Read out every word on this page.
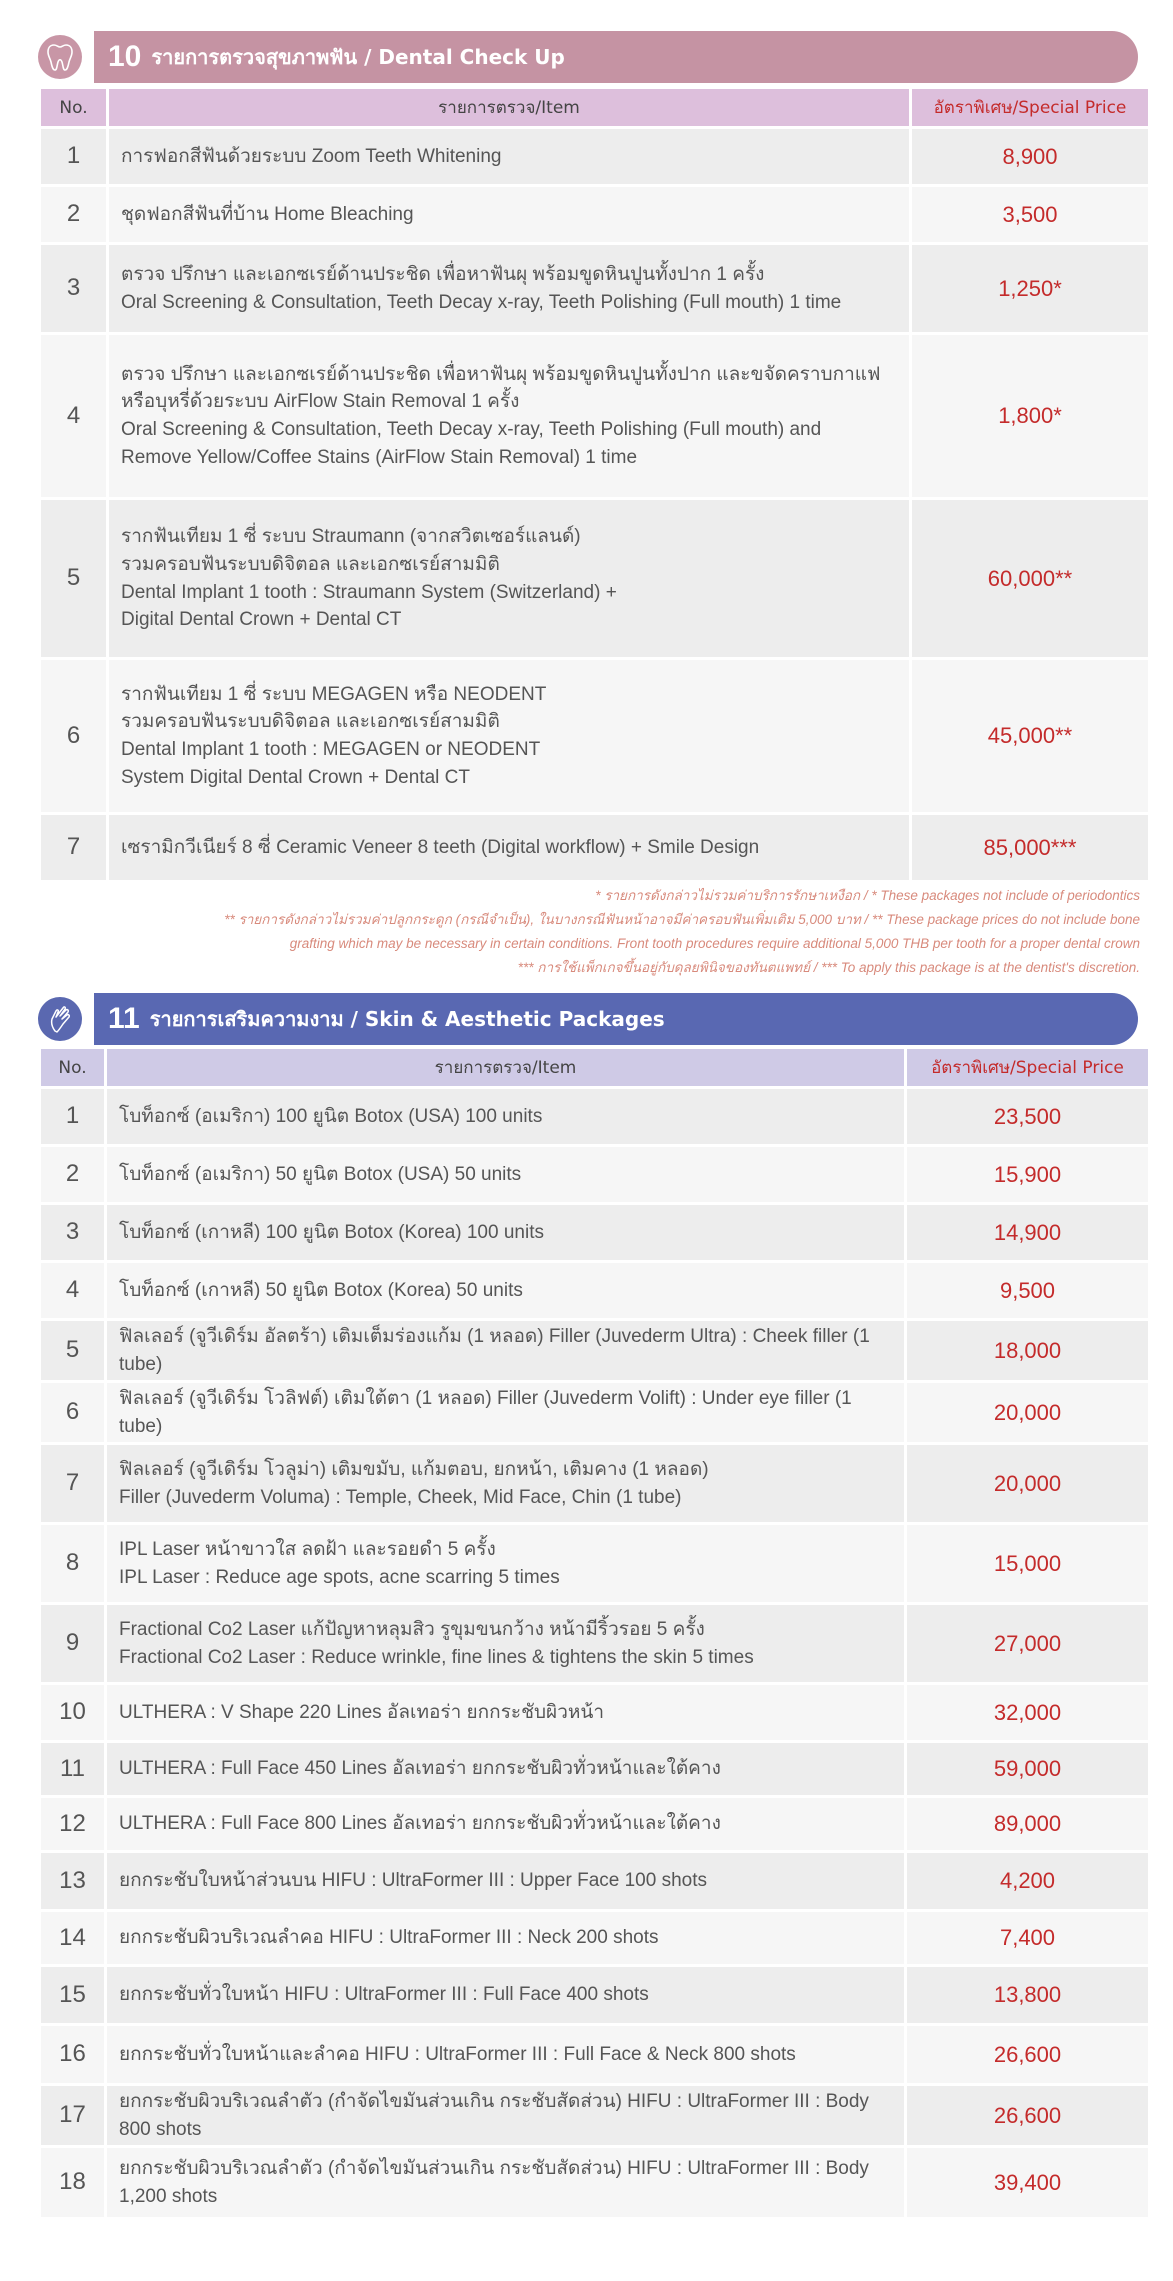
10 รายการตรวจสุขภาพฟัน / Dental Check Up
No.	รายการตรวจ/Item	อัตราพิเศษ/Special Price
1	การฟอกสีฟันด้วยระบบ Zoom Teeth Whitening	8,900
2	ชุดฟอกสีฟันที่บ้าน Home Bleaching	3,500
3	ตรวจ ปรึกษา และเอกซเรย์ด้านประชิด เพื่อหาฟันผุ พร้อมขูดหินปูนทั้งปาก 1 ครั้ง
Oral Screening & Consultation, Teeth Decay x-ray, Teeth Polishing (Full mouth) 1 time	1,250*
4	ตรวจ ปรึกษา และเอกซเรย์ด้านประชิด เพื่อหาฟันผุ พร้อมขูดหินปูนทั้งปาก และขจัดคราบกาแฟ
หรือบุหรี่ด้วยระบบ AirFlow Stain Removal 1 ครั้ง
Oral Screening & Consultation, Teeth Decay x-ray, Teeth Polishing (Full mouth) and
Remove Yellow/Coffee Stains (AirFlow Stain Removal) 1 time	1,800*
5	รากฟันเทียม 1 ซี่ ระบบ Straumann (จากสวิตเซอร์แลนด์)
รวมครอบฟันระบบดิจิตอล และเอกซเรย์สามมิติ
Dental Implant 1 tooth : Straumann System (Switzerland) +
Digital Dental Crown + Dental CT	60,000**
6	รากฟันเทียม 1 ซี่ ระบบ MEGAGEN หรือ NEODENT
รวมครอบฟันระบบดิจิตอล และเอกซเรย์สามมิติ
Dental Implant 1 tooth : MEGAGEN or NEODENT
System Digital Dental Crown + Dental CT	45,000**
7	เซรามิกวีเนียร์ 8 ซี่ Ceramic Veneer 8 teeth (Digital workflow) + Smile Design	85,000***
* รายการดังกล่าวไม่รวมค่าบริการรักษาเหงือก / * These packages not include of periodontics
** รายการดังกล่าวไม่รวมค่าปลูกกระดูก (กรณีจำเป็น), ในบางกรณีฟันหน้าอาจมีค่าครอบฟันเพิ่มเติม 5,000 บาท / ** These package prices do not include bone
grafting which may be necessary in certain conditions. Front tooth procedures require additional 5,000 THB per tooth for a proper dental crown
*** การใช้แพ็กเกจขึ้นอยู่กับดุลยพินิจของทันตแพทย์ / *** To apply this package is at the dentist's discretion.
11 รายการเสริมความงาม / Skin & Aesthetic Packages
No.	รายการตรวจ/Item	อัตราพิเศษ/Special Price
1	โบท็อกซ์ (อเมริกา) 100 ยูนิต Botox (USA) 100 units	23,500
2	โบท็อกซ์ (อเมริกา) 50 ยูนิต Botox (USA) 50 units	15,900
3	โบท็อกซ์ (เกาหลี) 100 ยูนิต Botox (Korea) 100 units	14,900
4	โบท็อกซ์ (เกาหลี) 50 ยูนิต Botox (Korea) 50 units	9,500
5	ฟิลเลอร์ (จูวีเดิร์ม อัลตร้า) เติมเต็มร่องแก้ม (1 หลอด) Filler (Juvederm Ultra) : Cheek filler (1 tube)	18,000
6	ฟิลเลอร์ (จูวีเดิร์ม โวลิฟต์) เติมใต้ตา (1 หลอด) Filler (Juvederm Volift) : Under eye filler (1 tube)	20,000
7	ฟิลเลอร์ (จูวีเดิร์ม โวลูม่า) เติมขมับ, แก้มตอบ, ยกหน้า, เติมคาง (1 หลอด)
Filler (Juvederm Voluma) : Temple, Cheek, Mid Face, Chin (1 tube)	20,000
8	IPL Laser หน้าขาวใส ลดฝ้า และรอยดำ 5 ครั้ง
IPL Laser : Reduce age spots, acne scarring 5 times	15,000
9	Fractional Co2 Laser แก้ปัญหาหลุมสิว รูขุมขนกว้าง หน้ามีริ้วรอย 5 ครั้ง
Fractional Co2 Laser : Reduce wrinkle, fine lines & tightens the skin 5 times	27,000
10	ULTHERA : V Shape 220 Lines อัลเทอร่า ยกกระชับผิวหน้า	32,000
11	ULTHERA : Full Face 450 Lines อัลเทอร่า ยกกระชับผิวทั่วหน้าและใต้คาง	59,000
12	ULTHERA : Full Face 800 Lines อัลเทอร่า ยกกระชับผิวทั่วหน้าและใต้คาง	89,000
13	ยกกระชับใบหน้าส่วนบน HIFU : UltraFormer III : Upper Face 100 shots	4,200
14	ยกกระชับผิวบริเวณลำคอ HIFU : UltraFormer III : Neck 200 shots	7,400
15	ยกกระชับทั่วใบหน้า HIFU : UltraFormer III : Full Face 400 shots	13,800
16	ยกกระชับทั่วใบหน้าและลำคอ HIFU : UltraFormer III : Full Face & Neck 800 shots	26,600
17	ยกกระชับผิวบริเวณลำตัว (กำจัดไขมันส่วนเกิน กระชับสัดส่วน) HIFU : UltraFormer III : Body 800 shots	26,600
18	ยกกระชับผิวบริเวณลำตัว (กำจัดไขมันส่วนเกิน กระชับสัดส่วน) HIFU : UltraFormer III : Body
1,200 shots	39,400
